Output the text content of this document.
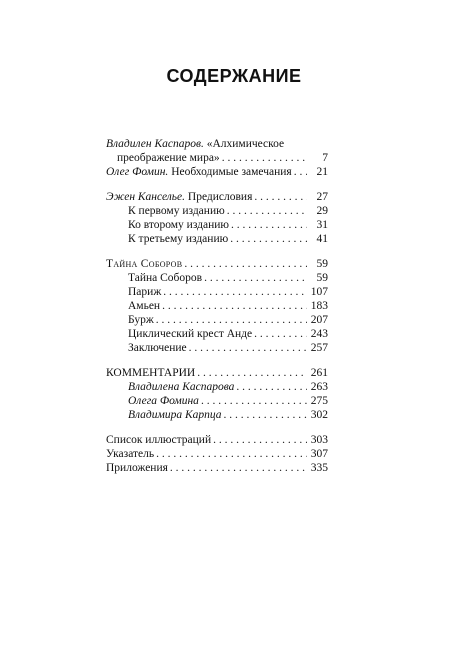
СОДЕРЖАНИЕ
Владилен Каспаров. «Алхимическое
преображение мира» . . .	7
Олег Фомин. Необходимые замечания . . .	21
Эжен Канселье. Предисловия . . .	27
К первому изданию . . .	29
Ко второму изданию . . .	31
К третьему изданию . . .	41
Тайна Соборов . . .	59
Тайна Соборов . . .	59
Париж . . .	107
Амьен . . .	183
Бурж . . .	207
Циклический крест Анде . . .	243
Заключение . . .	257
КОММЕНТАРИИ . . .	261
Владилена Каспарова . . .	263
Олега Фомина . . .	275
Владимира Карпца . . .	302
Список иллюстраций . . .	303
Указатель . . .	307
Приложения . . .	335
